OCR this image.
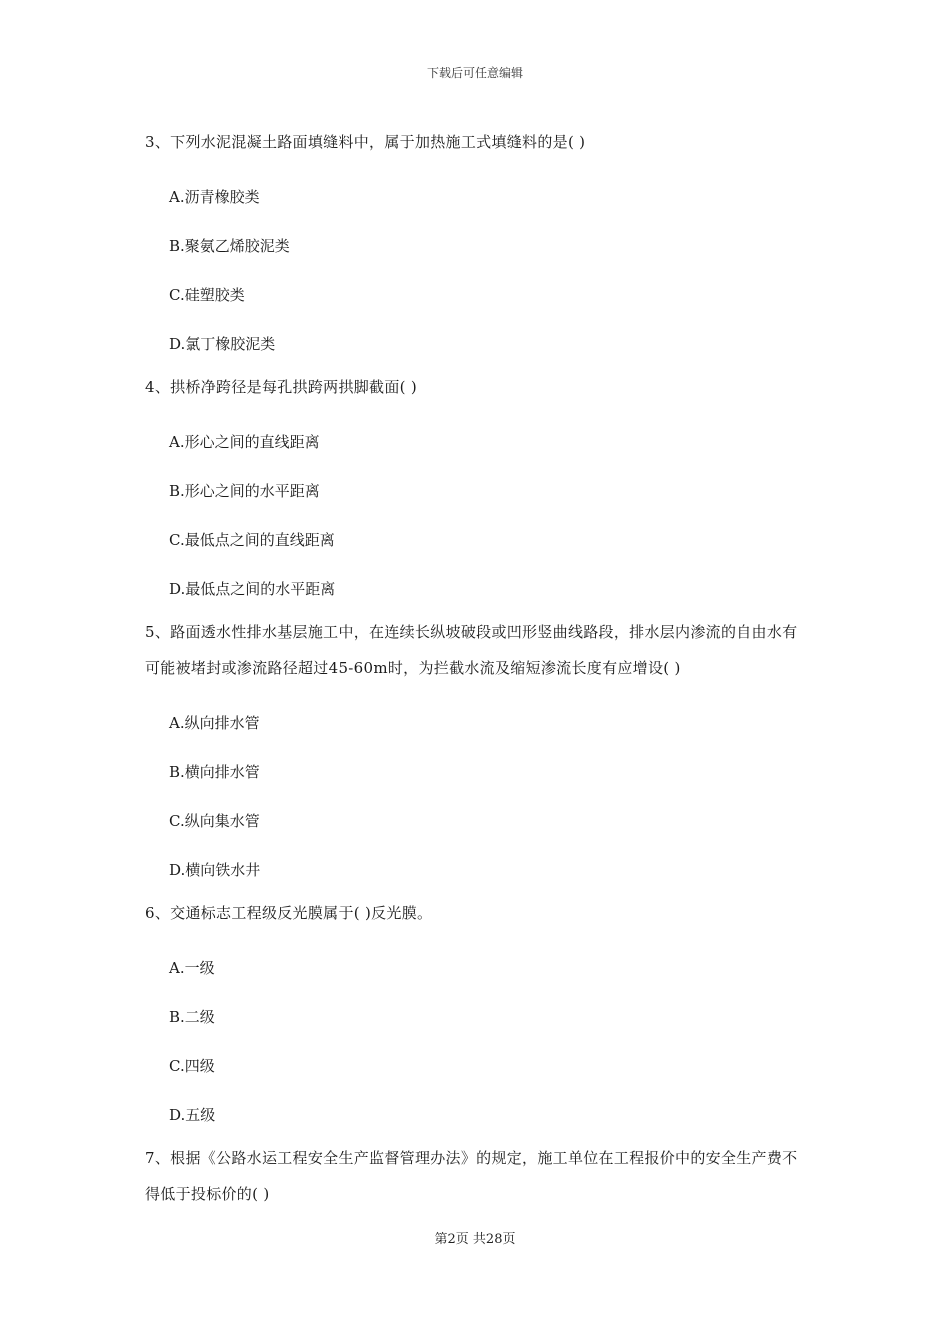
下载后可任意编辑

3、下列水泥混凝土路面填缝料中，属于加热施工式填缝料的是( )

A.沥青橡胶类

B.聚氨乙烯胶泥类

C.硅塑胶类

D.氯丁橡胶泥类

4、拱桥净跨径是每孔拱跨两拱脚截面( )

A.形心之间的直线距离

B.形心之间的水平距离

C.最低点之间的直线距离

D.最低点之间的水平距离

5、路面透水性排水基层施工中，在连续长纵坡破段或凹形竖曲线路段，排水层内渗流的自由水有可能被堵封或渗流路径超过45-60m时，为拦截水流及缩短渗流长度有应增设( )

A.纵向排水管

B.横向排水管

C.纵向集水管

D.横向铁水井

6、交通标志工程级反光膜属于( )反光膜。

A.一级

B.二级

C.四级

D.五级

7、根据《公路水运工程安全生产监督管理办法》的规定，施工单位在工程报价中的安全生产费不得低于投标价的( )

第2页 共28页
